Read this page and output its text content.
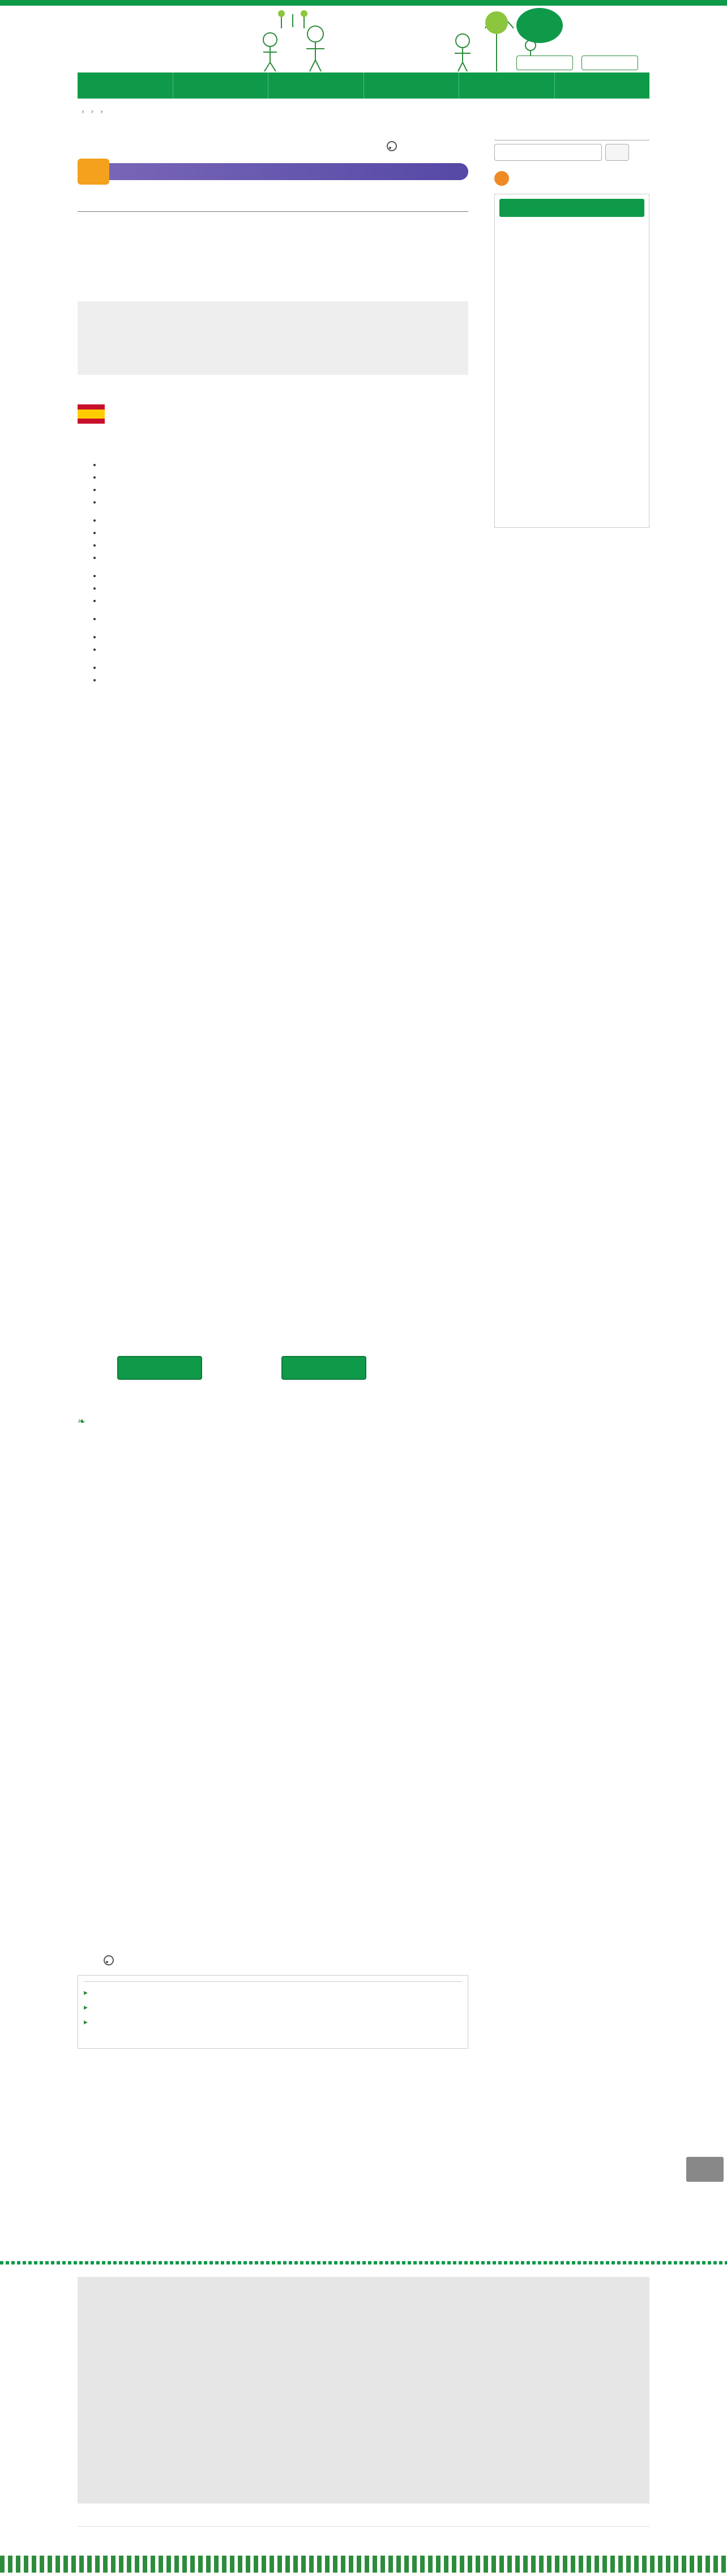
› › ›
•
•
•
•
•
•
•
•
•
•
•
•
•
•
•
•
❧

▶
▶
▶
